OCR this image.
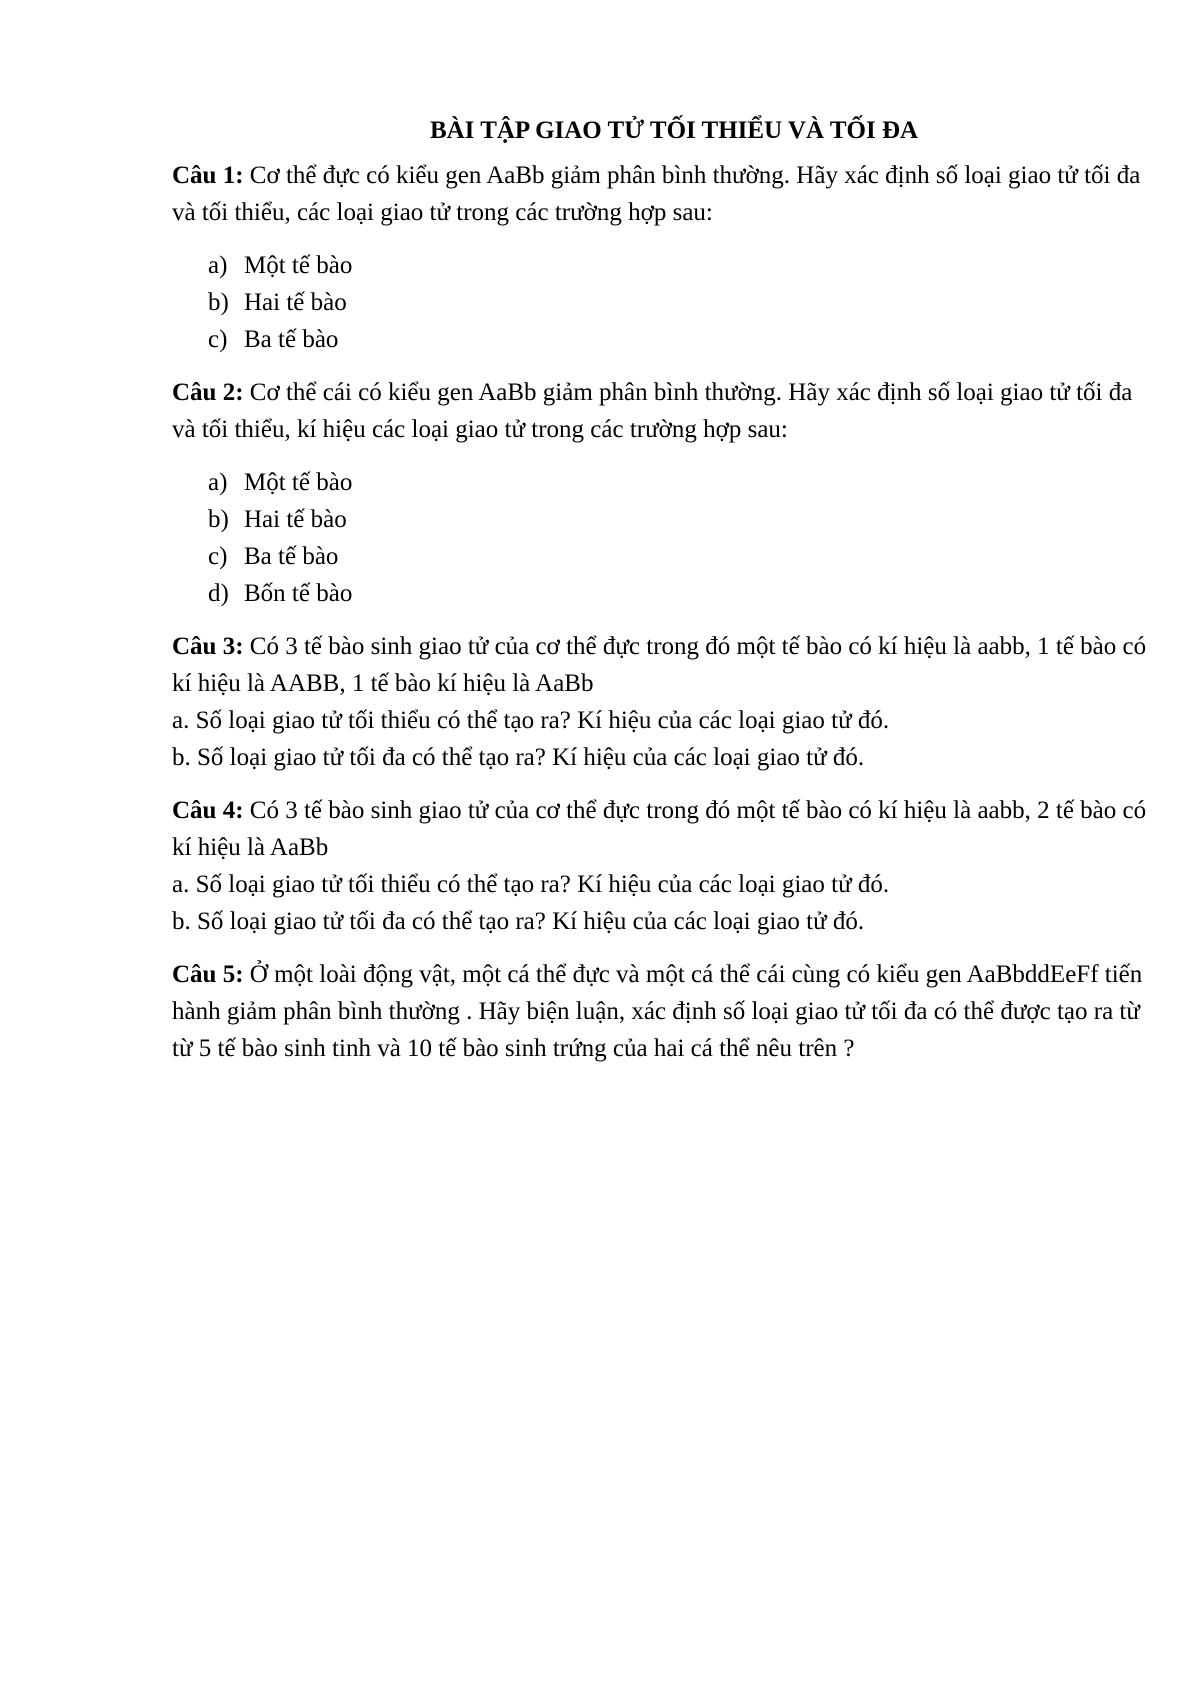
BÀI TẬP GIAO TỬ TỐI THIỂU VÀ TỐI ĐA

Câu 1: Cơ thể đực có kiểu gen AaBb giảm phân bình thường. Hãy xác định số loại giao tử tối đa và tối thiểu, các loại giao tử trong các trường hợp sau:

a) Một tế bào
b) Hai tế bào
c) Ba tế bào

Câu 2: Cơ thể cái có kiểu gen AaBb giảm phân bình thường. Hãy xác định số loại giao tử tối đa và tối thiểu, kí hiệu các loại giao tử trong các trường hợp sau:

a) Một tế bào
b) Hai tế bào
c) Ba tế bào
d) Bốn tế bào

Câu 3: Có 3 tế bào sinh giao tử của cơ thể đực trong đó một tế bào có kí hiệu là aabb, 1 tế bào có kí hiệu là AABB, 1 tế bào kí hiệu là AaBb

a. Số loại giao tử tối thiểu có thể tạo ra? Kí hiệu của các loại giao tử đó.

b. Số loại giao tử tối đa có thể tạo ra? Kí hiệu của các loại giao tử đó.

Câu 4: Có 3 tế bào sinh giao tử của cơ thể đực trong đó một tế bào có kí hiệu là aabb, 2 tế bào có kí hiệu là AaBb

a. Số loại giao tử tối thiểu có thể tạo ra? Kí hiệu của các loại giao tử đó.

b. Số loại giao tử tối đa có thể tạo ra? Kí hiệu của các loại giao tử đó.

Câu 5: Ở một loài động vật, một cá thể đực và một cá thể cái cùng có kiểu gen AaBbddEeFf tiến hành giảm phân bình thường . Hãy biện luận, xác định số loại giao tử tối đa có thể được tạo ra từ từ 5 tế bào sinh tinh và 10 tế bào sinh trứng của hai cá thể nêu trên ?
